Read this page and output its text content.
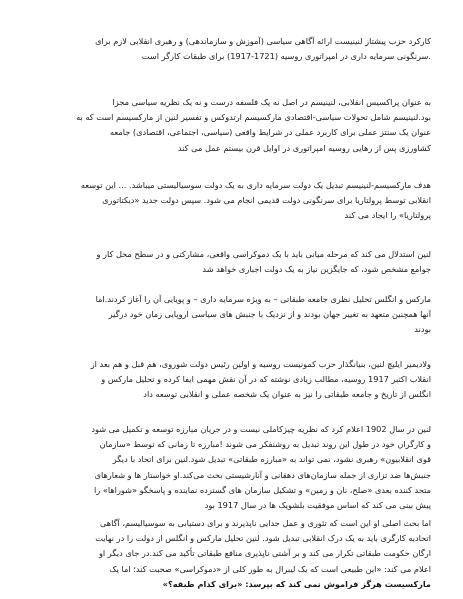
کارکرد حزب پیشتاز لنینیست ارائه آگاهی سیاسی (آموزش و سازماندهی) و رهبری انقلابی لازم برای
.سرنگونی سرمایه داری در امپراتوری روسیه (1721-1917) برای طبقات کارگر است
به عنوان پراکسیس انقلابی، لنینیسم در اصل نه یک فلسفه درست و نه یک نظریه سیاسی مجزا
بود.لنینیسم شامل تحولات سیاسی-اقتصادی مارکسیسم ارتدوکس و تفسیر لنین از مارکسیسم است که به
عنوان یک سنتز عملی برای کاربرد عملی در شرایط واقعی (سیاسی، اجتماعی، اقتصادی) جامعه
کشاورزی پس از رهایی روسیه امپراتوری در اوایل قرن بیستم عمل می کند
هدف مارکسیسم-لنینیسم تبدیل یک دولت سرمایه داری به یک دولت سوسیالیستی میباشد. ... این توسعه
انقلابی توسط پرولتاریا برای سرنگونی دولت قدیمی انجام می شود. سپس دولت جدید «دیکتاتوری
پرولتاریا» را ایجاد می کند
لنین استدلال می کند که مرحله میانی باید با یک دموکراسی واقعی، مشارکتی و در سطح محل کار و
جوامع مشخص شود، که جایگزین نیاز به یک دولت اجباری خواهد شد
مارکس و انگلس تحلیل نظری جامعه طبقاتی – به ویژه سرمایه داری – و پویایی آن را آغاز کردند.اما
آنها همچنین متعهد به تغییر جهان بودند و از نزدیک با جنبش های سیاسی اروپایی زمان خود درگیر
بودند
ولادیمیر ایلیچ لنین، بنیانگذار حزب کمونیست روسیه و اولین رئیس دولت شوروی، هم قبل و هم بعد از
انقلاب اکتبر 1917 روسیه، مطالب زیادی نوشته که در آن نقش مهمی ایفا کرده و تحلیل مارکس و
انگلس از تاریخ و جامعه طبقاتی را نیز به عنوان یک شخصه عملی و انقلابی توسعه داد
لنین در سال 1902 اعلام کرد که نظریه چیزکاملی نیست و در جریان مبارزه توسعه و تکمیل می شود
و کارگران خود در طول این روند تبدیل به روشنفکر می شوند !مبارزه تا زمانی که توسط «سازمان
قوی انقلابیون» رهبری نشود، نمی تواند به «مبارزه طبقاتی» تبدیل شود.لنین برای اتحاد با دیگر
جنبش‌ها ضد تزاری از جمله سازمان‌های دهقانی و آنارشیستی بحث می‌کند.او خواستار ها و شعارهای
متحد کننده بعدی «صلح، نان و زمین» و تشکیل سازمان های گسترده نماینده و پاسخگو «شوراها» را
پیش بینی می کند که اساس موفقیت بلشویک ها در سال 1917 بود
اما بحث اصلی او این است که تئوری و عمل جدایی ناپذیرند و برای دستیابی به سوسیالیسم، آگاهی
اتحادیه کارگری باید به یک درک انقلابی تبدیل شود. لنین تحلیل مارکس و انگلس از دولت را در نهایت
ارگان حکومت طبقاتی تکرار می کند و بر آشتی ناپذیری منافع طبقاتی تأکید می کند.در جای دیگر او
اعلام می کند: «این طبیعی است که یک لیبرال به طور کلی از «دموکراسی» صحبت کند؛ اما یک
مارکسیست هرگز فراموش نمی کند که بپرسد: «برای کدام طبقه؟»
